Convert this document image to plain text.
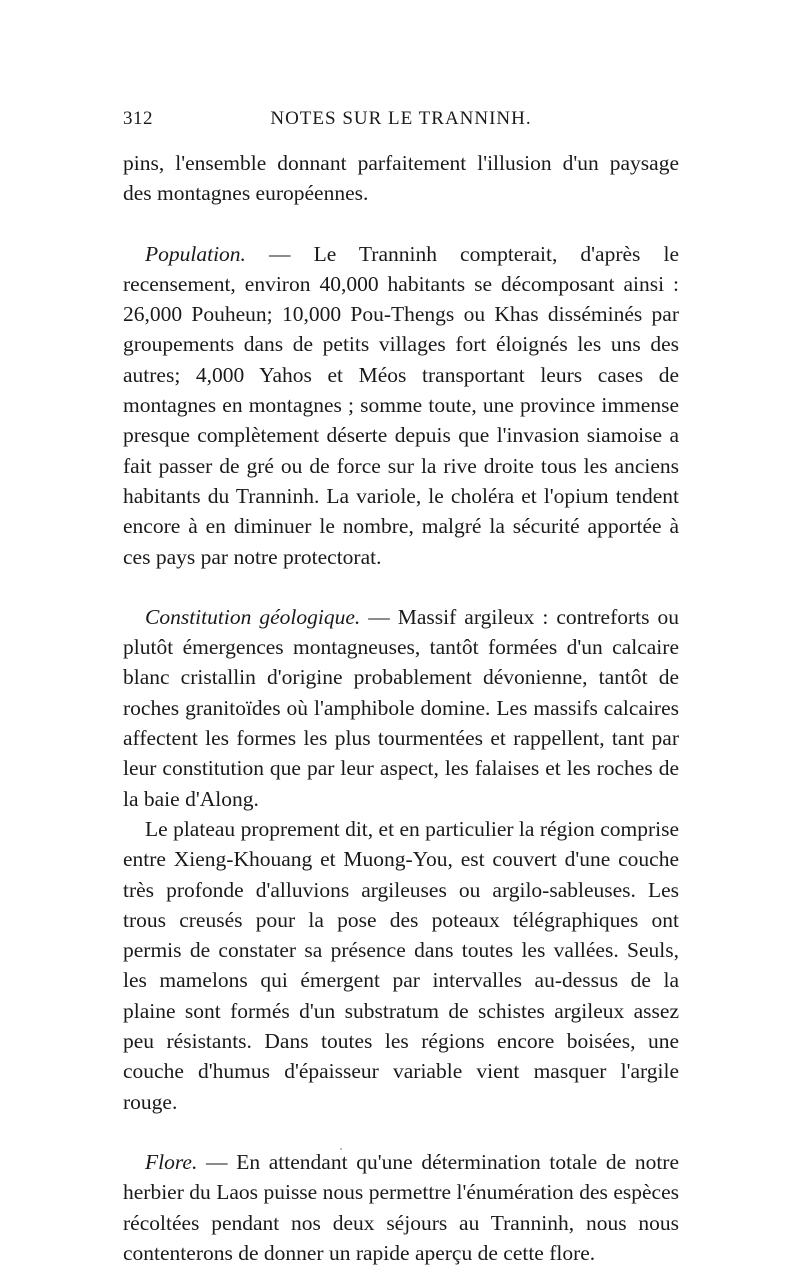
312	NOTES SUR LE TRANNINH.

pins, l'ensemble donnant parfaitement l'illusion d'un paysage des montagnes européennes.

Population. — Le Tranninh compterait, d'après le recensement, environ 40,000 habitants se décomposant ainsi : 26,000 Pouheun; 10,000 Pou-Thengs ou Khas disséminés par groupements dans de petits villages fort éloignés les uns des autres; 4,000 Yahos et Méos transportant leurs cases de montagnes en montagnes ; somme toute, une province immense presque complètement déserte depuis que l'invasion siamoise a fait passer de gré ou de force sur la rive droite tous les anciens habitants du Tranninh. La variole, le choléra et l'opium tendent encore à en diminuer le nombre, malgré la sécurité apportée à ces pays par notre protectorat.

Constitution géologique. — Massif argileux : contreforts ou plutôt émergences montagneuses, tantôt formées d'un calcaire blanc cristallin d'origine probablement dévonienne, tantôt de roches granitoïdes où l'amphibole domine. Les massifs calcaires affectent les formes les plus tourmentées et rappellent, tant par leur constitution que par leur aspect, les falaises et les roches de la baie d'Along.

Le plateau proprement dit, et en particulier la région comprise entre Xieng-Khouang et Muong-You, est couvert d'une couche très profonde d'alluvions argileuses ou argilo-sableuses. Les trous creusés pour la pose des poteaux télégraphiques ont permis de constater sa présence dans toutes les vallées. Seuls, les mamelons qui émergent par intervalles au-dessus de la plaine sont formés d'un substratum de schistes argileux assez peu résistants. Dans toutes les régions encore boisées, une couche d'humus d'épaisseur variable vient masquer l'argile rouge.

Flore. — En attendant qu'une détermination totale de notre herbier du Laos puisse nous permettre l'énumération des espèces récoltées pendant nos deux séjours au Tranninh, nous nous contenterons de donner un rapide aperçu de cette flore.
